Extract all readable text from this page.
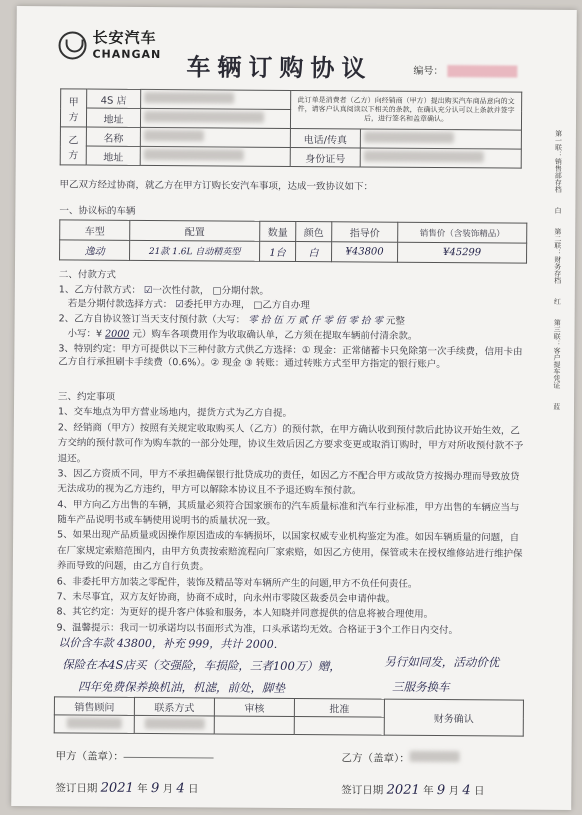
长安汽车
CHANGAN 车辆订购协议	编号：
甲方	4S 店		此订单是消费者（乙方）向经销商（甲方）提出购买汽车商品意向的文件，请客户认真阅读以下相关的条款，在确认充分认可以上条款并签字后，进行签名和盖章确认。	

	地址			
乙方	名称		电话/传真	
	地址		身份证号	
甲乙双方经过协商，就乙方在甲方订购长安汽车事项，达成一致协议如下：
一、协议标的车辆
车型	配置	数量	颜色	指导价	销售价（含装饰精品）
逸动	21款 1.6L 自动精英型	1台	白	¥43800	¥45299
二、付款方式
1、乙方付款方式： ☑一次性付款， □分期付款。
若是分期付款选择方式： ☑委托甲方办理， □乙方自办理
2、乙方自协议签订当天支付预付款（大写： 零 拾 伍 万 贰 仟 零 佰 零 拾 零 元整
小写：¥ 2000 元）购车各项费用作为收取确认单，乙方须在提取车辆前付清余款。
3、特别约定：甲方可提供以下三种付款方式供乙方选择：① 现金：正常储蓄卡只免除第一次手续费，信用卡由乙方自行承担刷卡手续费（0.6%）。② 现金 ③ 转账：通过转账方式至甲方指定的银行账户。
三、约定事项

1、交车地点为甲方营业场地内，提货方式为乙方自提。

2、经销商（甲方）按照有关规定收取购买人（乙方）的预付款，在甲方确认收到预付款后此协议开始生效，乙方交纳的预付款可作为购车款的一部分处理，协议生效后因乙方要求变更或取消订购时，甲方对所收预付款不予退还。

3、因乙方资质不同，甲方不承担确保银行批贷成功的责任，如因乙方不配合甲方或故贷方按揭办理而导致放贷无法成功的视为乙方违约，甲方可以解除本协议且不予退还购车预付款。

4、甲方向乙方出售的车辆，其质量必须符合国家颁布的汽车质量标准和汽车行业标准，甲方出售的车辆应当与随车产品说明书或车辆使用说明书的质量状况一致。

5、如果出现产品质量或因操作原因造成的车辆损坏，以国家权威专业机构鉴定为准。如因车辆质量的问题，自在厂家规定索赔范围内，由甲方负责按索赔流程向厂家索赔，如因乙方使用，保管或未在授权维修站进行维护保养而导致的问题，由乙方自行负责。

6、非委托甲方加装之零配件，装饰及精品等对车辆所产生的问题,甲方不负任何责任。

7、未尽事宜，双方友好协商，协商不成时，向永州市零陵区裁委员会申请仲裁。

8、其它约定：为更好的提升客户体验和服务，本人知晓并同意提供的信息将被合理使用。

9、温馨提示：我司一切承诺均以书面形式为准，口头承诺均无效。合格证于3个工作日内交付。

以价含车款 43800，补充 999，共计 2000.
保险在本4S店买（交强险，车损险，三者100万）赠，	另行如同发，活动价优
四年免费保养换机油，机滤，前处，脚垫	三服务换车
销售顾问	联系方式	审核	批准	财务确认

甲方（盖章）：	乙方（盖章）：
签订日期 2021 年 9 月 4 日	签订日期 2021 年 9 月 4 日
第一联：销售部存档
白
第二联：财务存档
红
第三联：客户提车凭证
蓝
